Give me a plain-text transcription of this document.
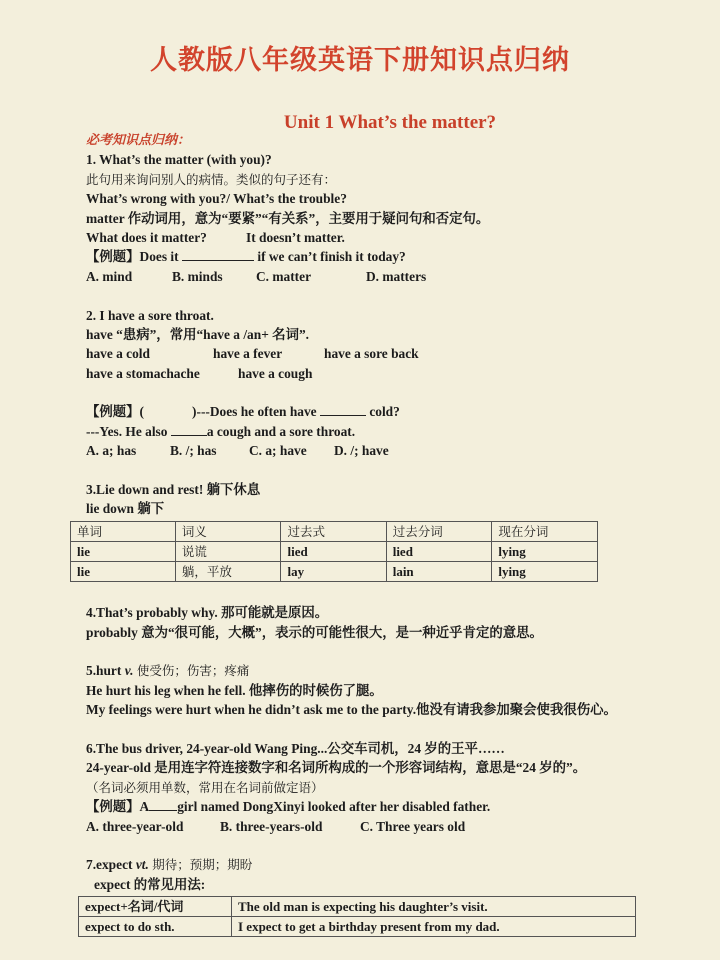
人教版八年级英语下册知识点归纳
Unit 1 What’s the matter?
必考知识点归纳：
1. What’s the matter (with you)?
此句用来询问别人的病情。类似的句子还有：
What’s wrong with you?/ What’s the trouble?
matter 作动词用，意为“要紧”“有关系”，主要用于疑问句和否定句。
What does it matter?	It doesn’t matter.
【例题】Does it	if we can’t finish it today?
A. mind	B. minds C. matter	D. matters
2. I have a sore throat.
have “患病”，常用“have a /an+ 名词”.
have a cold	have a fever	have a sore back
have a stomachache	have a cough
【例题】(	)---Does he often have	cold?
---Yes. He also	a cough and a sore throat.
A. a; has	B. /; has C. a; have D. /; have
3.Lie down and rest! 躺下休息
lie down 躺下
单词	词义	过去式	过去分词	现在分词
lie	说谎	lied	lied	lying
lie	躺，平放	lay	lain	lying
4.That’s probably why. 那可能就是原因。
probably 意为“很可能，大概”，表示的可能性很大，是一种近乎肯定的意思。
5.hurt v. 使受伤；伤害；疼痛
He hurt his leg when he fell. 他摔伤的时候伤了腿。
My feelings were hurt when he didn’t ask me to the party.他没有请我参加聚会使我很伤心。
6.The bus driver, 24-year-old Wang Ping...公交车司机，24 岁的王平……
24-year-old 是用连字符连接数字和名词所构成的一个形容词结构，意思是“24 岁的”。
（名词必须用单数，常用在名词前做定语）
【例题】A girl named DongXinyi looked after her disabled father.
A. three-year-old	B. three-years-old	C. Three years old
7.expect vt. 期待；预期；期盼
expect 的常见用法:
expect+名词/代词	The old man is expecting his daughter’s visit.
expect to do sth.	I expect to get a birthday present from my dad.
